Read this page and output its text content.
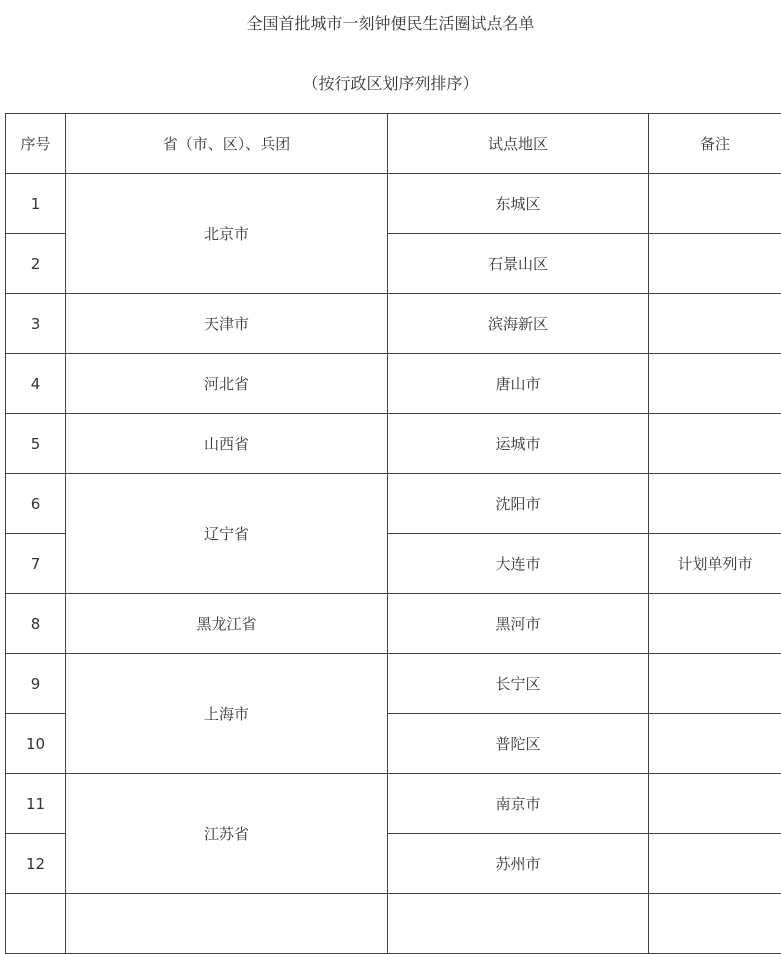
全国首批城市一刻钟便民生活圈试点名单
（按行政区划序列排序）
序号	省（市、区）、兵团	试点地区	备注
1	北京市	东城区	
2		石景山区	
3	天津市	滨海新区	
4	河北省	唐山市	
5	山西省	运城市	
6	辽宁省	沈阳市	
7		大连市	计划单列市
8	黑龙江省	黑河市	
9	上海市	长宁区	
10		普陀区	
11	江苏省	南京市	
12		苏州市	
